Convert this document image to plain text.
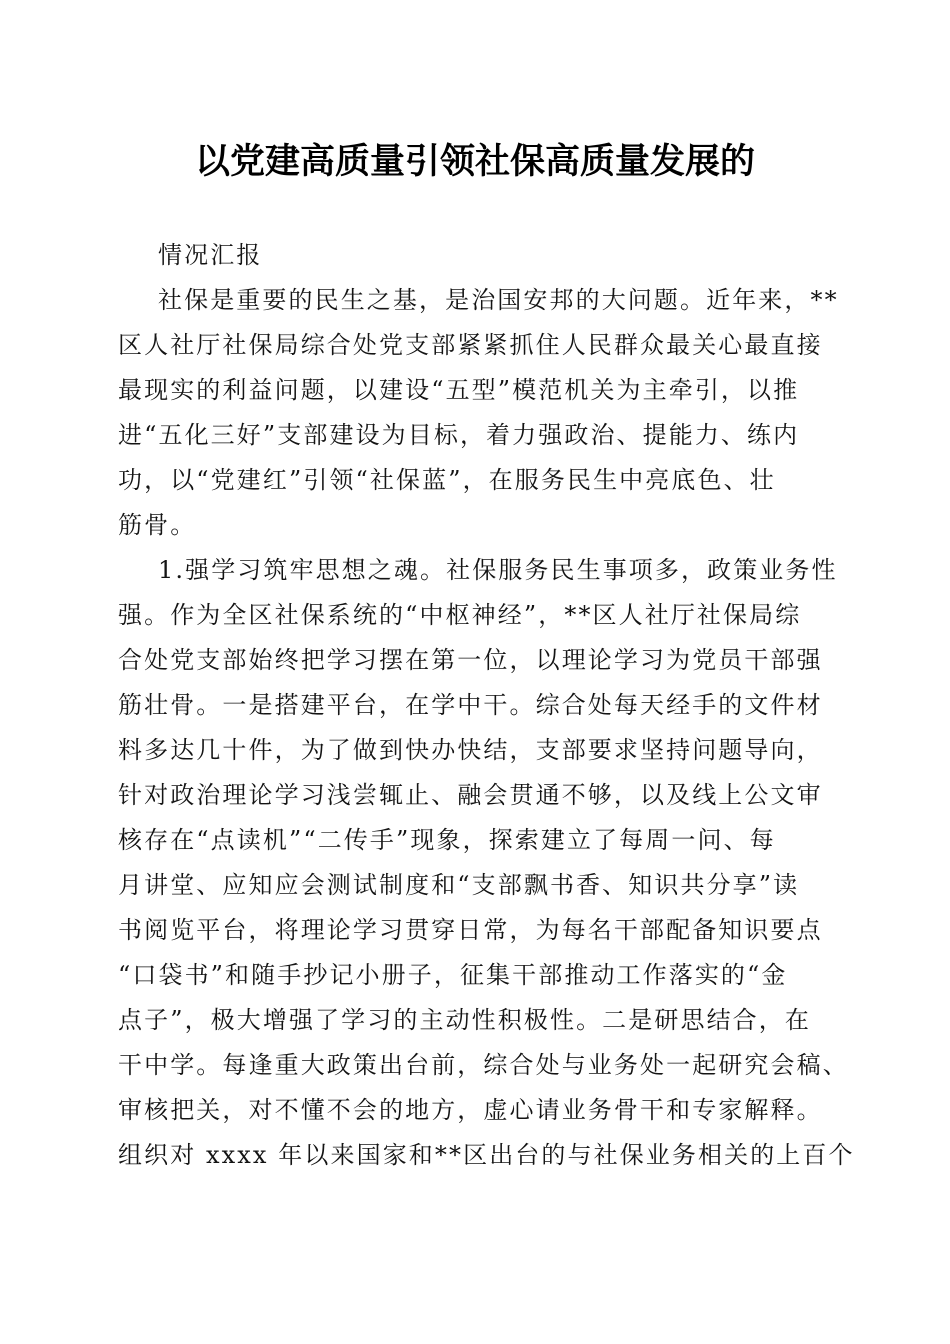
以党建高质量引领社保高质量发展的
情况汇报
社保是重要的民生之基，是治国安邦的大问题。近年来，**
区人社厅社保局综合处党支部紧紧抓住人民群众最关心最直接
最现实的利益问题，以建设“五型”模范机关为主牵引，以推
进“五化三好”支部建设为目标，着力强政治、提能力、练内
功，以“党建红”引领“社保蓝”，在服务民生中亮底色、壮
筋骨。
1.强学习筑牢思想之魂。社保服务民生事项多，政策业务性
强。作为全区社保系统的“中枢神经”，**区人社厅社保局综
合处党支部始终把学习摆在第一位，以理论学习为党员干部强
筋壮骨。一是搭建平台，在学中干。综合处每天经手的文件材
料多达几十件，为了做到快办快结，支部要求坚持问题导向，
针对政治理论学习浅尝辄止、融会贯通不够，以及线上公文审
核存在“点读机”“二传手”现象，探索建立了每周一问、每
月讲堂、应知应会测试制度和“支部飘书香、知识共分享”读
书阅览平台，将理论学习贯穿日常，为每名干部配备知识要点
“口袋书”和随手抄记小册子，征集干部推动工作落实的“金
点子”，极大增强了学习的主动性积极性。二是研思结合，在
干中学。每逢重大政策出台前，综合处与业务处一起研究会稿、
审核把关，对不懂不会的地方，虚心请业务骨干和专家解释。
组织对 xxxx 年以来国家和**区出台的与社保业务相关的上百个
